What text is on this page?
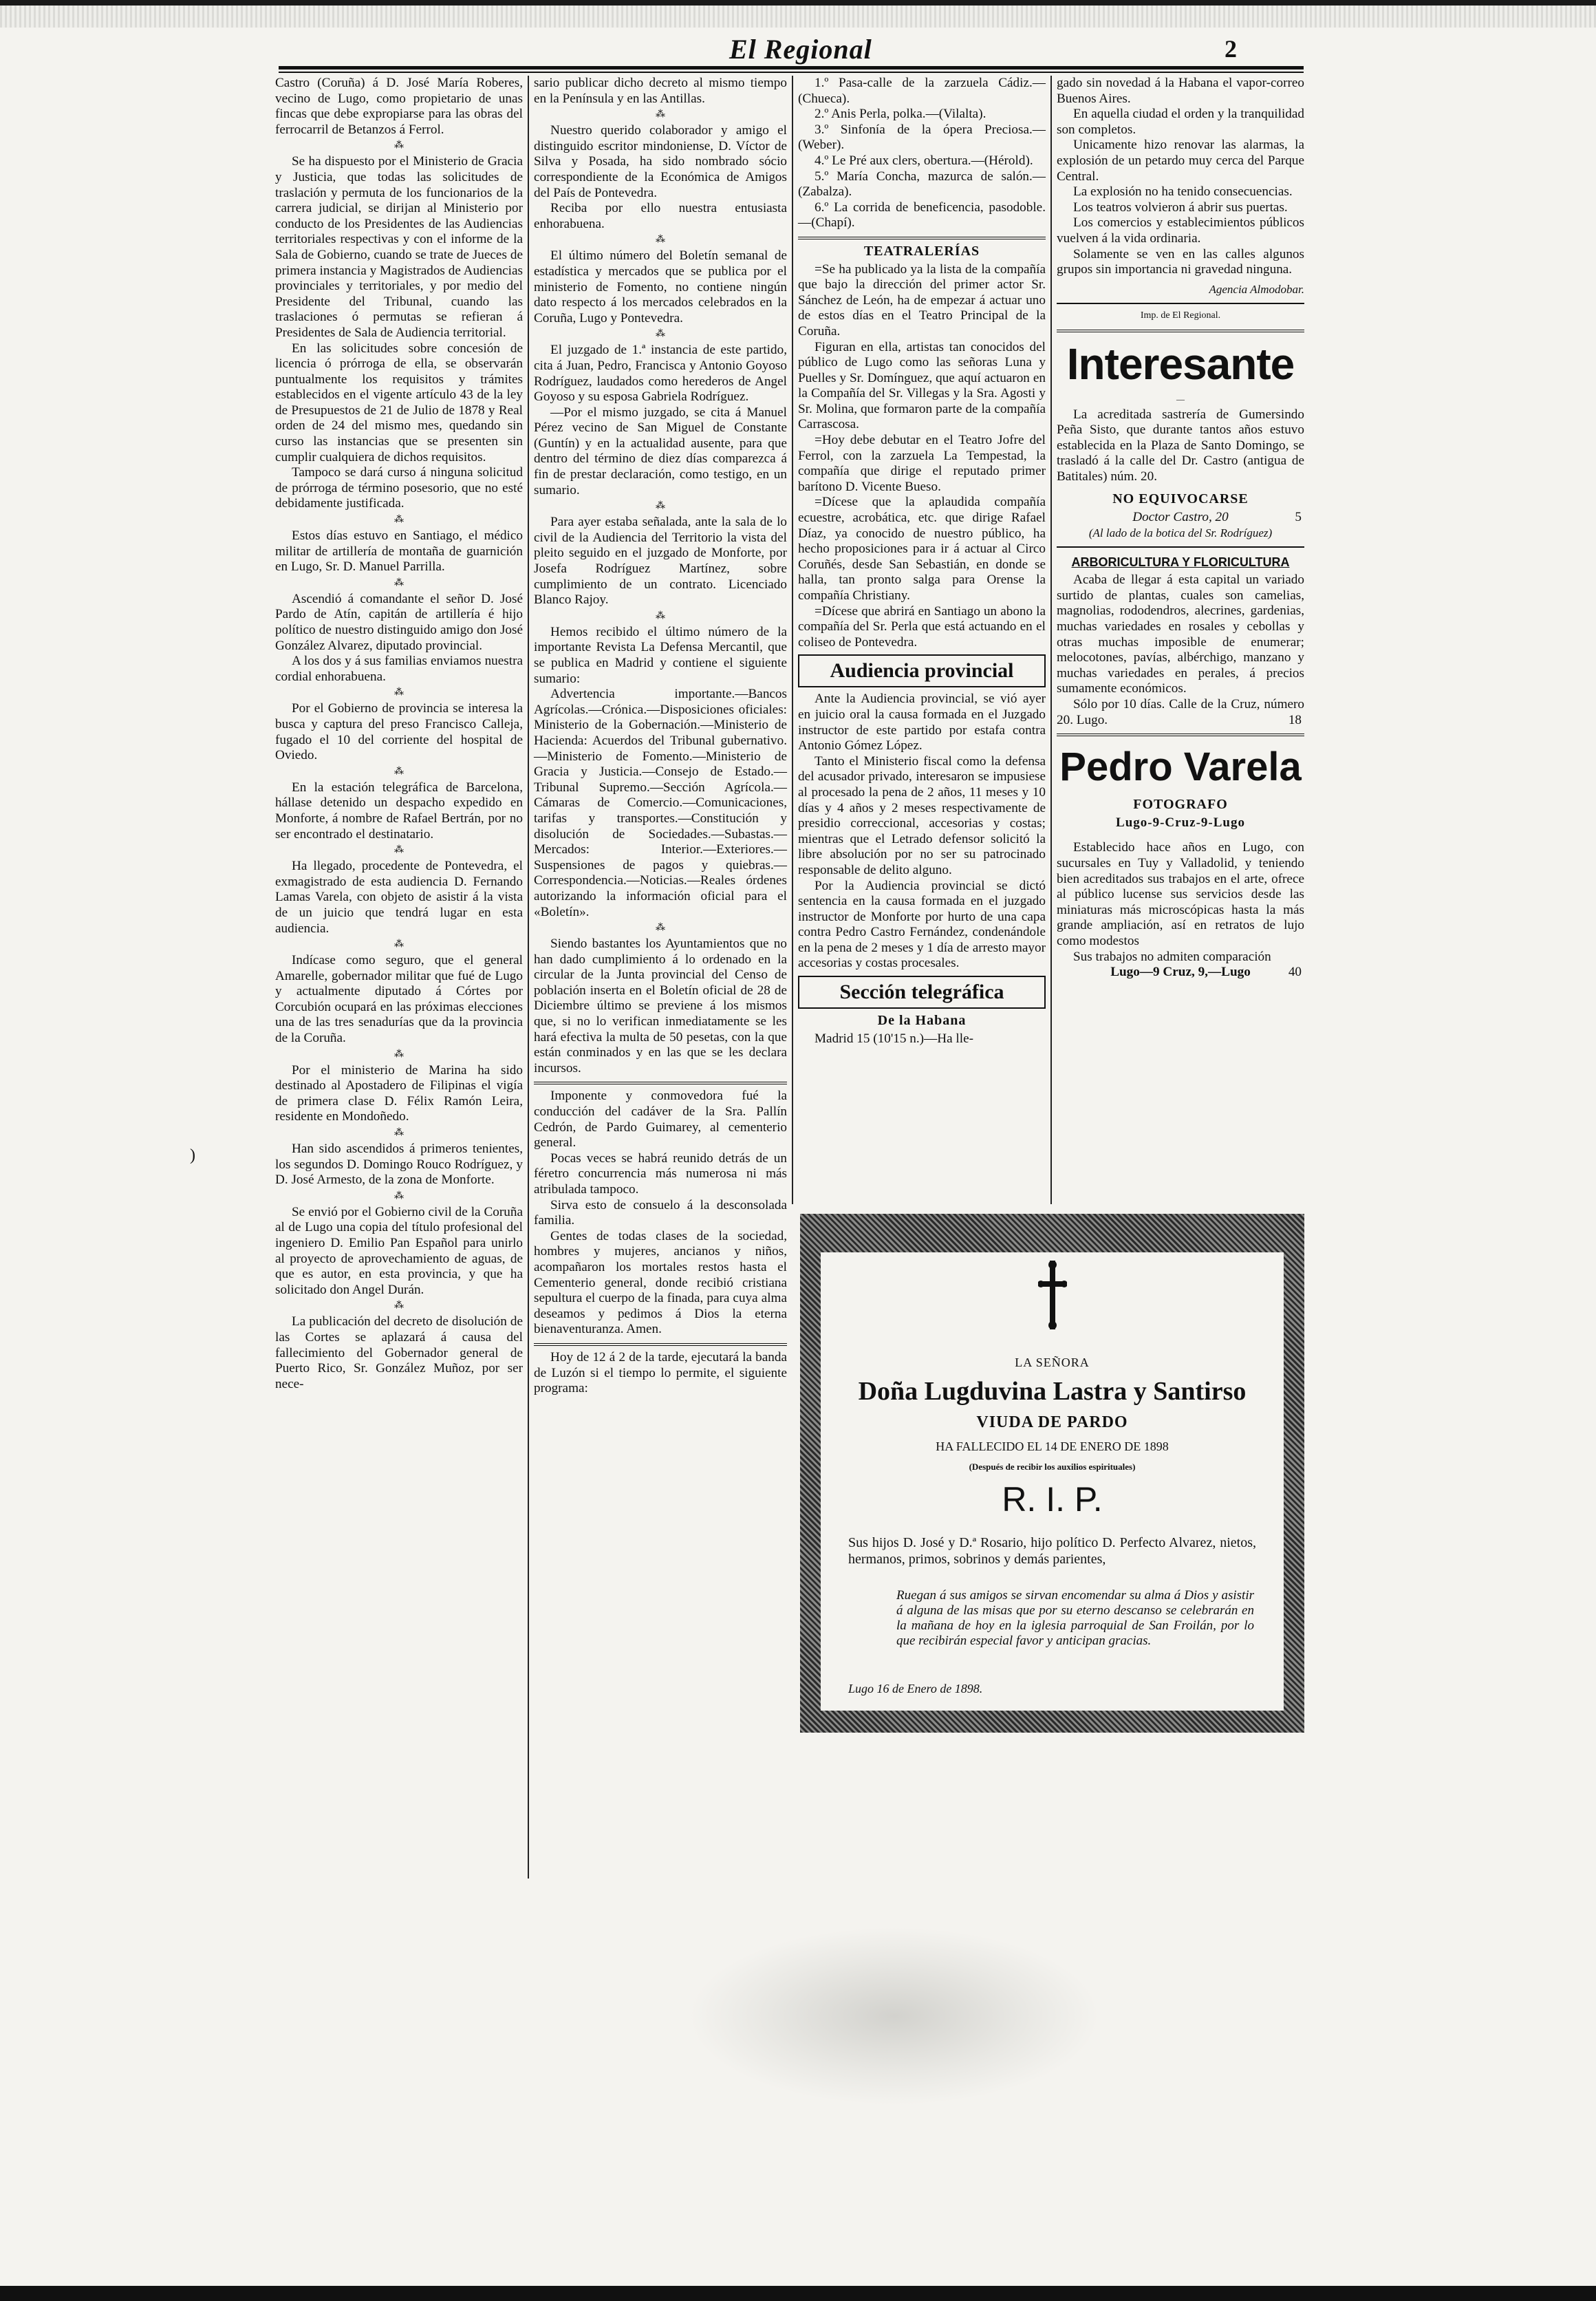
El Regional	2

Castro (Coruña) á D. José María Roberes, vecino de Lugo, como propietario de unas fincas que debe expropiarse para las obras del ferrocarril de Betanzos á Ferrol.

⁂

Se ha dispuesto por el Ministerio de Gracia y Justicia, que todas las solicitudes de traslación y permuta de los funcionarios de la carrera judicial, se dirijan al Ministerio por conducto de los Presidentes de las Audiencias territoriales respectivas y con el informe de la Sala de Gobierno, cuando se trate de Jueces de primera instancia y Magistrados de Audiencias provinciales y territoriales, y por medio del Presidente del Tribunal, cuando las traslaciones ó permutas se refieran á Presidentes de Sala de Audiencia territorial.

En las solicitudes sobre concesión de licencia ó prórroga de ella, se observarán puntualmente los requisitos y trámites establecidos en el vigente artículo 43 de la ley de Presupuestos de 21 de Julio de 1878 y Real orden de 24 del mismo mes, quedando sin curso las instancias que se presenten sin cumplir cualquiera de dichos requisitos.

Tampoco se dará curso á ninguna solicitud de prórroga de término posesorio, que no esté debidamente justificada.

⁂

Estos días estuvo en Santiago, el médico militar de artillería de montaña de guarnición en Lugo, Sr. D. Manuel Parrilla.

⁂

Ascendió á comandante el señor D. José Pardo de Atín, capitán de artillería é hijo político de nuestro distinguido amigo don José González Alvarez, diputado provincial.

A los dos y á sus familias enviamos nuestra cordial enhorabuena.

⁂

Por el Gobierno de provincia se interesa la busca y captura del preso Francisco Calleja, fugado el 10 del corriente del hospital de Oviedo.

⁂

En la estación telegráfica de Barcelona, hállase detenido un despacho expedido en Monforte, á nombre de Rafael Bertrán, por no ser encontrado el destinatario.

⁂

Ha llegado, procedente de Pontevedra, el exmagistrado de esta audiencia D. Fernando Lamas Varela, con objeto de asistir á la vista de un juicio que tendrá lugar en esta audiencia.

⁂

Indícase como seguro, que el general Amarelle, gobernador militar que fué de Lugo y actualmente diputado á Córtes por Corcubión ocupará en las próximas elecciones una de las tres senadurías que da la provincia de la Coruña.

⁂

Por el ministerio de Marina ha sido destinado al Apostadero de Filipinas el vigía de primera clase D. Félix Ramón Leira, residente en Mondoñedo.

⁂

Han sido ascendidos á primeros tenientes, los segundos D. Domingo Rouco Rodríguez, y D. José Armesto, de la zona de Monforte.

⁂

Se envió por el Gobierno civil de la Coruña al de Lugo una copia del título profesional del ingeniero D. Emilio Pan Español para unirlo al proyecto de aprovechamiento de aguas, de que es autor, en esta provincia, y que ha solicitado don Angel Durán.

⁂

La publicación del decreto de disolución de las Cortes se aplazará á causa del fallecimiento del Gobernador general de Puerto Rico, Sr. González Muñoz, por ser nece-

sario publicar dicho decreto al mismo tiempo en la Península y en las Antillas.

⁂

Nuestro querido colaborador y amigo el distinguido escritor mindoniense, D. Víctor de Silva y Posada, ha sido nombrado sócio correspondiente de la Económica de Amigos del País de Pontevedra.

Reciba por ello nuestra entusiasta enhorabuena.

⁂

El último número del Boletín semanal de estadística y mercados que se publica por el ministerio de Fomento, no contiene ningún dato respecto á los mercados celebrados en la Coruña, Lugo y Pontevedra.

⁂

El juzgado de 1.ª instancia de este partido, cita á Juan, Pedro, Francisca y Antonio Goyoso Rodríguez, laudados como herederos de Angel Goyoso y su esposa Gabriela Rodríguez.

—Por el mismo juzgado, se cita á Manuel Pérez vecino de San Miguel de Constante (Guntín) y en la actualidad ausente, para que dentro del término de diez días comparezca á fin de prestar declaración, como testigo, en un sumario.

⁂

Para ayer estaba señalada, ante la sala de lo civil de la Audiencia del Territorio la vista del pleito seguido en el juzgado de Monforte, por Josefa Rodríguez Martínez, sobre cumplimiento de un contrato. Licenciado Blanco Rajoy.

⁂

Hemos recibido el último número de la importante Revista La Defensa Mercantil, que se publica en Madrid y contiene el siguiente sumario:

Advertencia importante.—Bancos Agrícolas.—Crónica.—Disposiciones oficiales: Ministerio de la Gobernación.—Ministerio de Hacienda: Acuerdos del Tribunal gubernativo.—Ministerio de Fomento.—Ministerio de Gracia y Justicia.—Consejo de Estado.—Tribunal Supremo.—Sección Agrícola.—Cámaras de Comercio.—Comunicaciones, tarifas y transportes.—Constitución y disolución de Sociedades.—Subastas.—Mercados: Interior.—Exteriores.—Suspensiones de pagos y quiebras.—Correspondencia.—Noticias.—Reales órdenes autorizando la información oficial para el «Boletín».

⁂

Siendo bastantes los Ayuntamientos que no han dado cumplimiento á lo ordenado en la circular de la Junta provincial del Censo de población inserta en el Boletín oficial de 28 de Diciembre último se previene á los mismos que, si no lo verifican inmediatamente se les hará efectiva la multa de 50 pesetas, con la que están conminados y en las que se les declara incursos.

Imponente y conmovedora fué la conducción del cadáver de la Sra. Pallín Cedrón, de Pardo Guimarey, al cementerio general.

Pocas veces se habrá reunido detrás de un féretro concurrencia más numerosa ni más atribulada tampoco.

Sirva esto de consuelo á la desconsolada familia.

Gentes de todas clases de la sociedad, hombres y mujeres, ancianos y niños, acompañaron los mortales restos hasta el Cementerio general, donde recibió cristiana sepultura el cuerpo de la finada, para cuya alma deseamos y pedimos á Dios la eterna bienaventuranza. Amen.

Hoy de 12 á 2 de la tarde, ejecutará la banda de Luzón si el tiempo lo permite, el siguiente programa:

1.º Pasa-calle de la zarzuela Cádiz.—(Chueca).

2.º Anis Perla, polka.—(Vilalta).

3.º Sinfonía de la ópera Preciosa.—(Weber).

4.º Le Pré aux clers, obertura.—(Hérold).

5.º María Concha, mazurca de salón.—(Zabalza).

6.º La corrida de beneficencia, pasodoble.—(Chapí).

TEATRALERÍAS

=Se ha publicado ya la lista de la compañía que bajo la dirección del primer actor Sr. Sánchez de León, ha de empezar á actuar uno de estos días en el Teatro Principal de la Coruña.

Figuran en ella, artistas tan conocidos del público de Lugo como las señoras Luna y Puelles y Sr. Domínguez, que aquí actuaron en la Compañía del Sr. Villegas y la Sra. Agosti y Sr. Molina, que formaron parte de la compañía Carrascosa.

=Hoy debe debutar en el Teatro Jofre del Ferrol, con la zarzuela La Tempestad, la compañía que dirige el reputado primer barítono D. Vicente Bueso.

=Dícese que la aplaudida compañía ecuestre, acrobática, etc. que dirige Rafael Díaz, ya conocido de nuestro público, ha hecho proposiciones para ir á actuar al Circo Coruñés, desde San Sebastián, en donde se halla, tan pronto salga para Orense la compañía Christiany.

=Dícese que abrirá en Santiago un abono la compañía del Sr. Perla que está actuando en el coliseo de Pontevedra.

Audiencia provincial

Ante la Audiencia provincial, se vió ayer en juicio oral la causa formada en el Juzgado instructor de este partido por estafa contra Antonio Gómez López.

Tanto el Ministerio fiscal como la defensa del acusador privado, interesaron se impusiese al procesado la pena de 2 años, 11 meses y 10 días y 4 años y 2 meses respectivamente de presidio correccional, accesorias y costas; mientras que el Letrado defensor solicitó la libre absolución por no ser su patrocinado responsable de delito alguno.

Por la Audiencia provincial se dictó sentencia en la causa formada en el juzgado instructor de Monforte por hurto de una capa contra Pedro Castro Fernández, condenándole en la pena de 2 meses y 1 día de arresto mayor accesorias y costas procesales.

Sección telegráfica
De la Habana

Madrid 15 (10'15 n.)—Ha lle-

gado sin novedad á la Habana el vapor-correo Buenos Aires.

En aquella ciudad el orden y la tranquilidad son completos.

Unicamente hizo renovar las alarmas, la explosión de un petardo muy cerca del Parque Central.

La explosión no ha tenido consecuencias.

Los teatros volvieron á abrir sus puertas.

Los comercios y establecimientos públicos vuelven á la vida ordinaria.

Solamente se ven en las calles algunos grupos sin importancia ni gravedad ninguna.

Agencia Almodobar.

Imp. de El Regional.

Interesante
—

La acreditada sastrería de Gumersindo Peña Sisto, que durante tantos años estuvo establecida en la Plaza de Santo Domingo, se trasladó á la calle del Dr. Castro (antigua de Batitales) núm. 20.

NO EQUIVOCARSE

Doctor Castro, 20	5

(Al lado de la botica del Sr. Rodríguez)

ARBORICULTURA Y FLORICULTURA

Acaba de llegar á esta capital un variado surtido de plantas, cuales son camelias, magnolias, rododendros, alecrines, gardenias, muchas variedades en rosales y cebollas y otras muchas imposible de enumerar; melocotones, pavías, albérchigo, manzano y muchas variedades en perales, á precios sumamente económicos.

Sólo por 10 días. Calle de la Cruz, número 20. Lugo.	18

Pedro Varela
FOTOGRAFO
Lugo-9-Cruz-9-Lugo

Establecido hace años en Lugo, con sucursales en Tuy y Valladolid, y teniendo bien acreditados sus trabajos en el arte, ofrece al público lucense sus servicios desde las miniaturas más microscópicas hasta la más grande ampliación, así en retratos de lujo como modestos

Sus trabajos no admiten comparación

Lugo—9 Cruz, 9,—Lugo	40

LA SEÑORA
Doña Lugduvina Lastra y Santirso
VIUDA DE PARDO
HA FALLECIDO EL 14 DE ENERO DE 1898
(Después de recibir los auxilios espirituales)
R. I. P.
Sus hijos D. José y D.ª Rosario, hijo político D. Perfecto Alvarez, nietos, hermanos, primos, sobrinos y demás parientes,
Ruegan á sus amigos se sirvan encomendar su alma á Dios y asistir á alguna de las misas que por su eterno descanso se celebrarán en la mañana de hoy en la iglesia parroquial de San Froilán, por lo que recibirán especial favor y anticipan gracias.
Lugo 16 de Enero de 1898.
)
